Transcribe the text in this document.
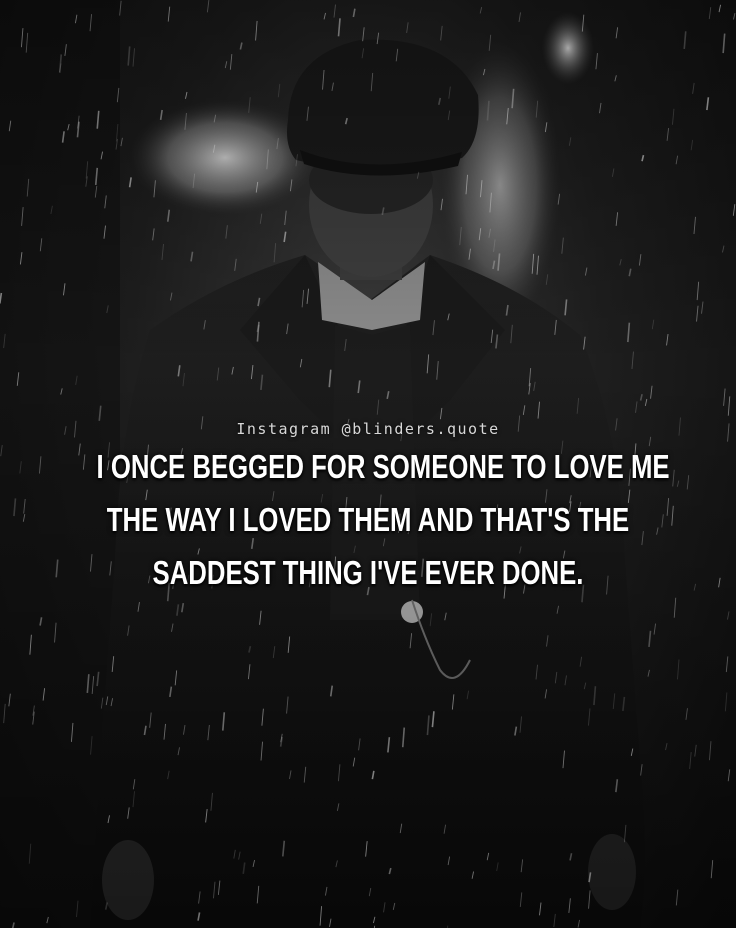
Instagram @blinders.quote
I ONCE BEGGED FOR SOMEONE TO LOVE ME
THE WAY I LOVED THEM AND THAT'S THE
SADDEST THING I'VE EVER DONE.
